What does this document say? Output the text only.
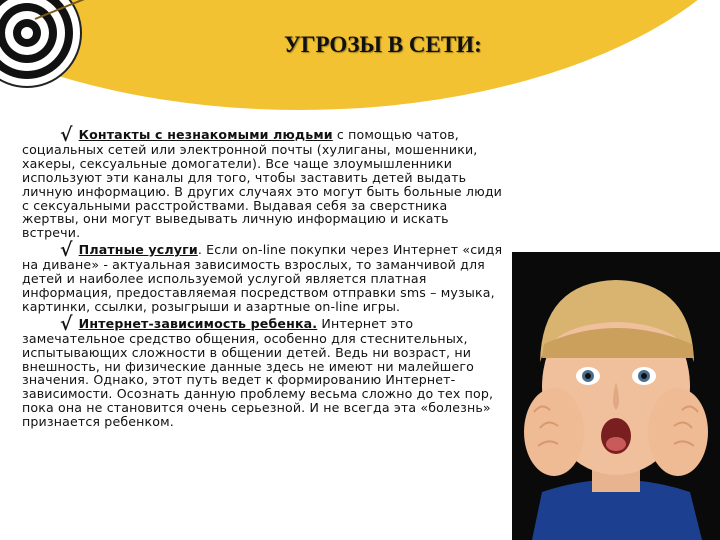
УГРОЗЫ В СЕТИ:

√ Контакты с незнакомыми людьми с помощью чатов, социальных сетей или электронной почты (хулиганы, мошенники, хакеры, сексуальные домогатели). Все чаще злоумышленники используют эти каналы для того, чтобы заставить детей выдать личную информацию. В других случаях это могут быть больные люди с сексуальными расстройствами. Выдавая себя за сверстника жертвы, они могут выведывать личную информацию и искать встречи.

√ Платные услуги. Если on-line покупки через Интернет «сидя на диване» - актуальная зависимость взрослых, то заманчивой для детей и наиболее используемой услугой является платная информация, предоставляемая посредством отправки sms – музыка, картинки, ссылки, розыгрыши и азартные on-line игры.

√ Интернет-зависимость ребенка. Интернет это замечательное средство общения, особенно для стеснительных, испытывающих сложности в общении детей. Ведь ни возраст, ни внешность, ни физические данные здесь не имеют ни малейшего значения. Однако, этот путь ведет к формированию Интернет-зависимости. Осознать данную проблему весьма сложно до тех пор, пока она не становится очень серьезной. И не всегда эта «болезнь» признается ребенком.
